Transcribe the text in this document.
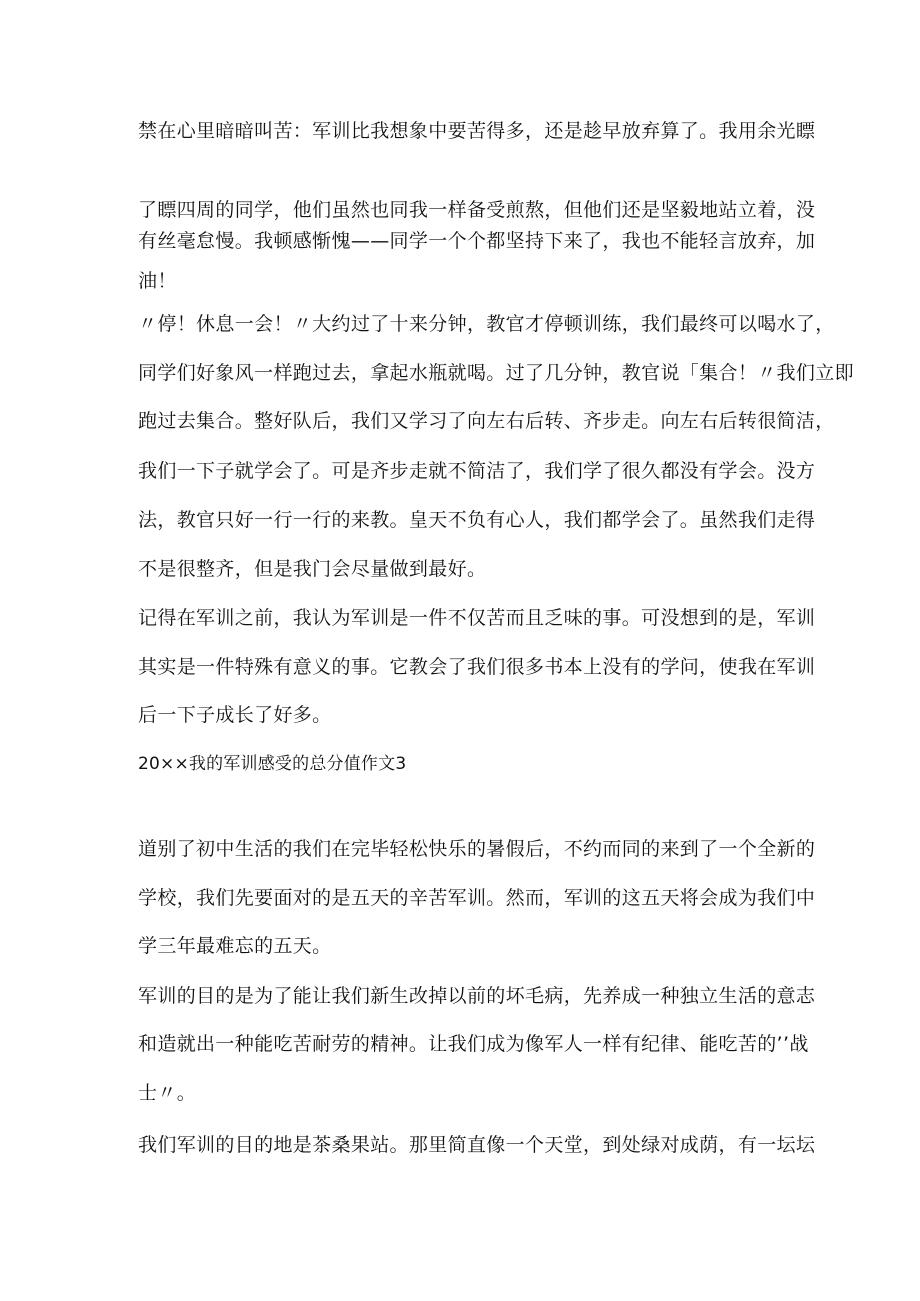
禁在心里暗暗叫苦：军训比我想象中要苦得多，还是趁早放弃算了。我用余光瞟
了瞟四周的同学，他们虽然也同我一样备受煎熬，但他们还是坚毅地站立着，没
有丝毫怠慢。我顿感惭愧——同学一个个都坚持下来了，我也不能轻言放弃，加
油！
〃停！休息一会！〃大约过了十来分钟，教官才停顿训练，我们最终可以喝水了，
同学们好象风一样跑过去，拿起水瓶就喝。过了几分钟，教官说「集合！〃我们立即
跑过去集合。整好队后，我们又学习了向左右后转、齐步走。向左右后转很简洁，
我们一下子就学会了。可是齐步走就不简洁了，我们学了很久都没有学会。没方
法，教官只好一行一行的来教。皇天不负有心人，我们都学会了。虽然我们走得
不是很整齐，但是我门会尽量做到最好。
记得在军训之前，我认为军训是一件不仅苦而且乏味的事。可没想到的是，军训
其实是一件特殊有意义的事。它教会了我们很多书本上没有的学问，使我在军训
后一下子成长了好多。
20××我的军训感受的总分值作文3
道别了初中生活的我们在完毕轻松快乐的暑假后，不约而同的来到了一个全新的
学校，我们先要面对的是五天的辛苦军训。然而，军训的这五天将会成为我们中
学三年最难忘的五天。
军训的目的是为了能让我们新生改掉以前的坏毛病，先养成一种独立生活的意志
和造就出一种能吃苦耐劳的精神。让我们成为像军人一样有纪律、能吃苦的’’战
士〃。
我们军训的目的地是茶桑果站。那里简直像一个天堂，到处绿对成荫，有一坛坛
